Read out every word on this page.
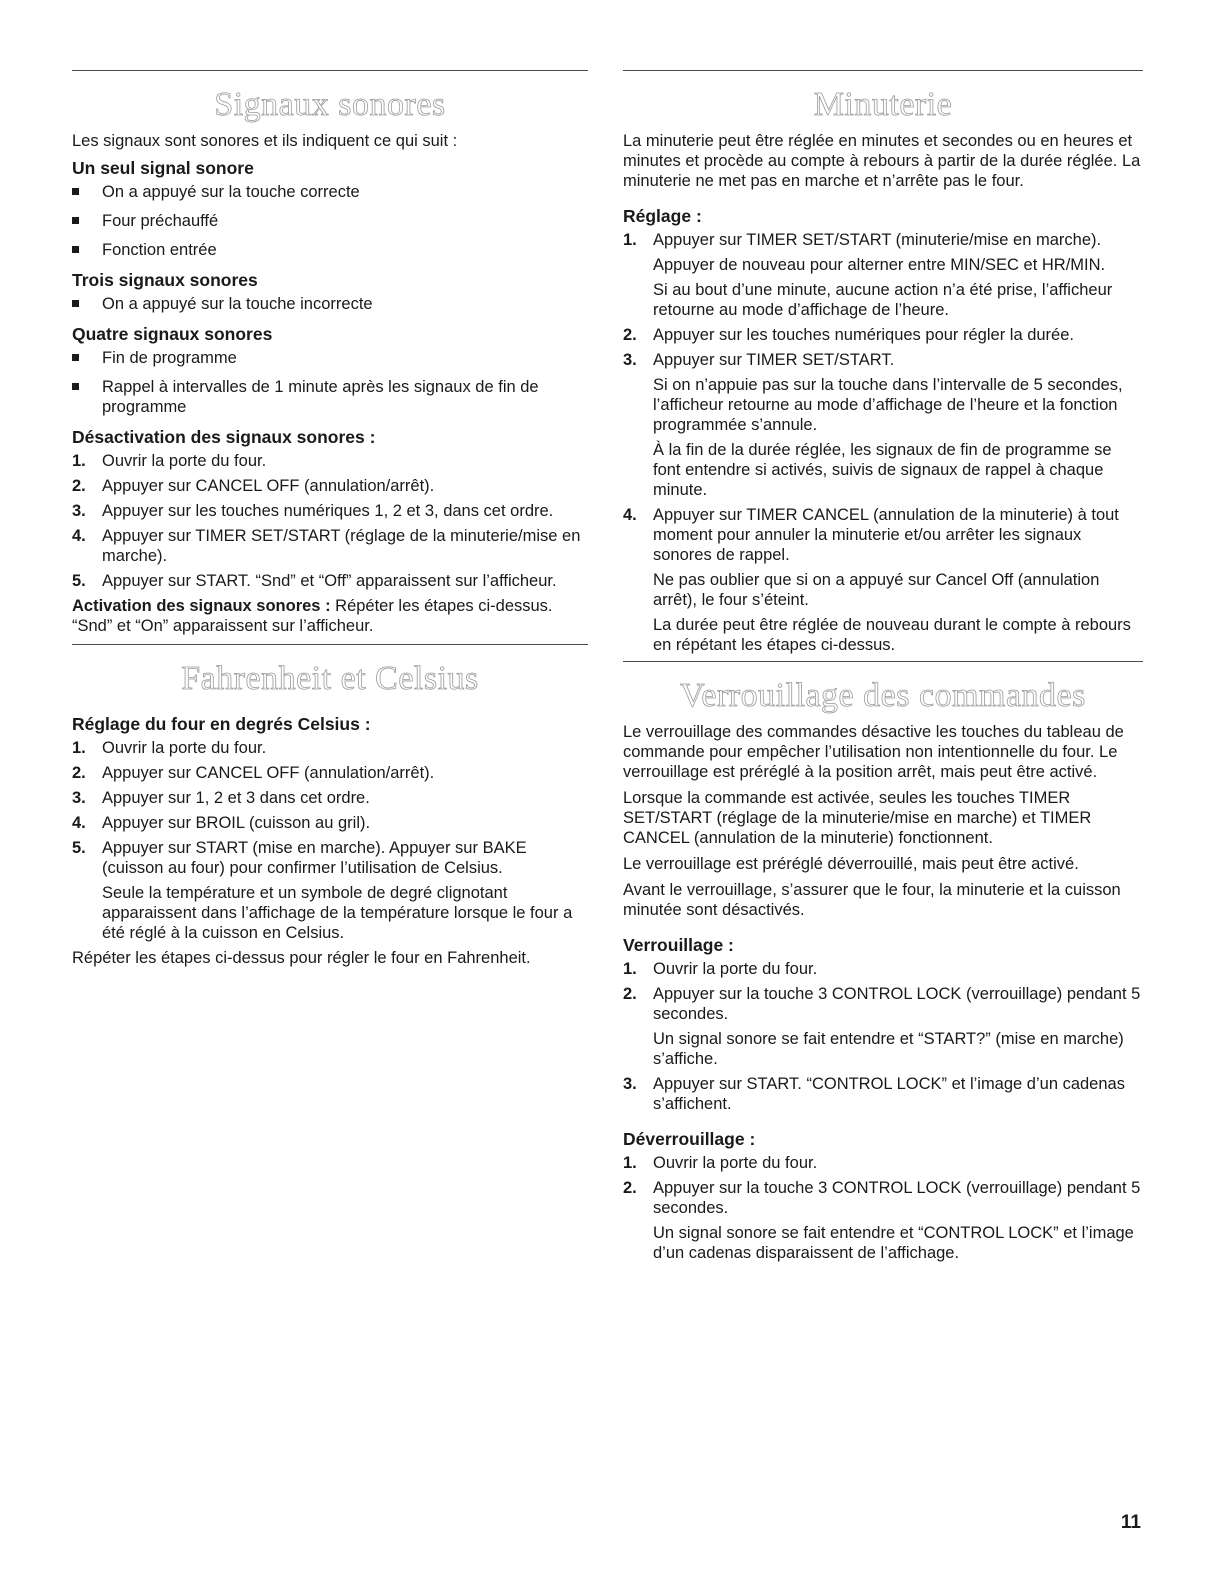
Signaux sonores

Les signaux sont sonores et ils indiquent ce qui suit :

Un seul signal sonore
On a appuyé sur la touche correcte
Four préchauffé
Fonction entrée
Trois signaux sonores
On a appuyé sur la touche incorrecte
Quatre signaux sonores
Fin de programme
Rappel à intervalles de 1 minute après les signaux de fin de programme
Désactivation des signaux sonores :
1. Ouvrir la porte du four.
2. Appuyer sur CANCEL OFF (annulation/arrêt).
3. Appuyer sur les touches numériques 1, 2 et 3, dans cet ordre.
4. Appuyer sur TIMER SET/START (réglage de la minuterie/mise en marche).
5. Appuyer sur START. “Snd” et “Off” apparaissent sur l’afficheur.

Activation des signaux sonores : Répéter les étapes ci-dessus. “Snd” et “On” apparaissent sur l’afficheur.

Fahrenheit et Celsius
Réglage du four en degrés Celsius :
1. Ouvrir la porte du four.
2. Appuyer sur CANCEL OFF (annulation/arrêt).
3. Appuyer sur 1, 2 et 3 dans cet ordre.
4. Appuyer sur BROIL (cuisson au gril).
5. Appuyer sur START (mise en marche). Appuyer sur BAKE (cuisson au four) pour confirmer l’utilisation de Celsius.
Seule la température et un symbole de degré clignotant apparaissent dans l’affichage de la température lorsque le four a été réglé à la cuisson en Celsius.

Répéter les étapes ci-dessus pour régler le four en Fahrenheit.

Minuterie

La minuterie peut être réglée en minutes et secondes ou en heures et minutes et procède au compte à rebours à partir de la durée réglée. La minuterie ne met pas en marche et n’arrête pas le four.

Réglage :
1. Appuyer sur TIMER SET/START (minuterie/mise en marche).
Appuyer de nouveau pour alterner entre MIN/SEC et HR/MIN.
Si au bout d’une minute, aucune action n’a été prise, l’afficheur retourne au mode d’affichage de l’heure.
2. Appuyer sur les touches numériques pour régler la durée.
3. Appuyer sur TIMER SET/START.
Si on n’appuie pas sur la touche dans l’intervalle de 5 secondes, l’afficheur retourne au mode d’affichage de l’heure et la fonction programmée s’annule.
À la fin de la durée réglée, les signaux de fin de programme se font entendre si activés, suivis de signaux de rappel à chaque minute.
4. Appuyer sur TIMER CANCEL (annulation de la minuterie) à tout moment pour annuler la minuterie et/ou arrêter les signaux sonores de rappel.
Ne pas oublier que si on a appuyé sur Cancel Off (annulation arrêt), le four s’éteint.
La durée peut être réglée de nouveau durant le compte à rebours en répétant les étapes ci-dessus.
Verrouillage des commandes

Le verrouillage des commandes désactive les touches du tableau de commande pour empêcher l’utilisation non intentionnelle du four. Le verrouillage est préréglé à la position arrêt, mais peut être activé.

Lorsque la commande est activée, seules les touches TIMER SET/START (réglage de la minuterie/mise en marche) et TIMER CANCEL (annulation de la minuterie) fonctionnent.

Le verrouillage est préréglé déverrouillé, mais peut être activé.

Avant le verrouillage, s’assurer que le four, la minuterie et la cuisson minutée sont désactivés.

Verrouillage :
1. Ouvrir la porte du four.
2. Appuyer sur la touche 3 CONTROL LOCK (verrouillage) pendant 5 secondes.
Un signal sonore se fait entendre et “START?” (mise en marche) s’affiche.
3. Appuyer sur START. “CONTROL LOCK” et l’image d’un cadenas s’affichent.
Déverrouillage :
1. Ouvrir la porte du four.
2. Appuyer sur la touche 3 CONTROL LOCK (verrouillage) pendant 5 secondes.
Un signal sonore se fait entendre et “CONTROL LOCK” et l’image d’un cadenas disparaissent de l’affichage.
11
